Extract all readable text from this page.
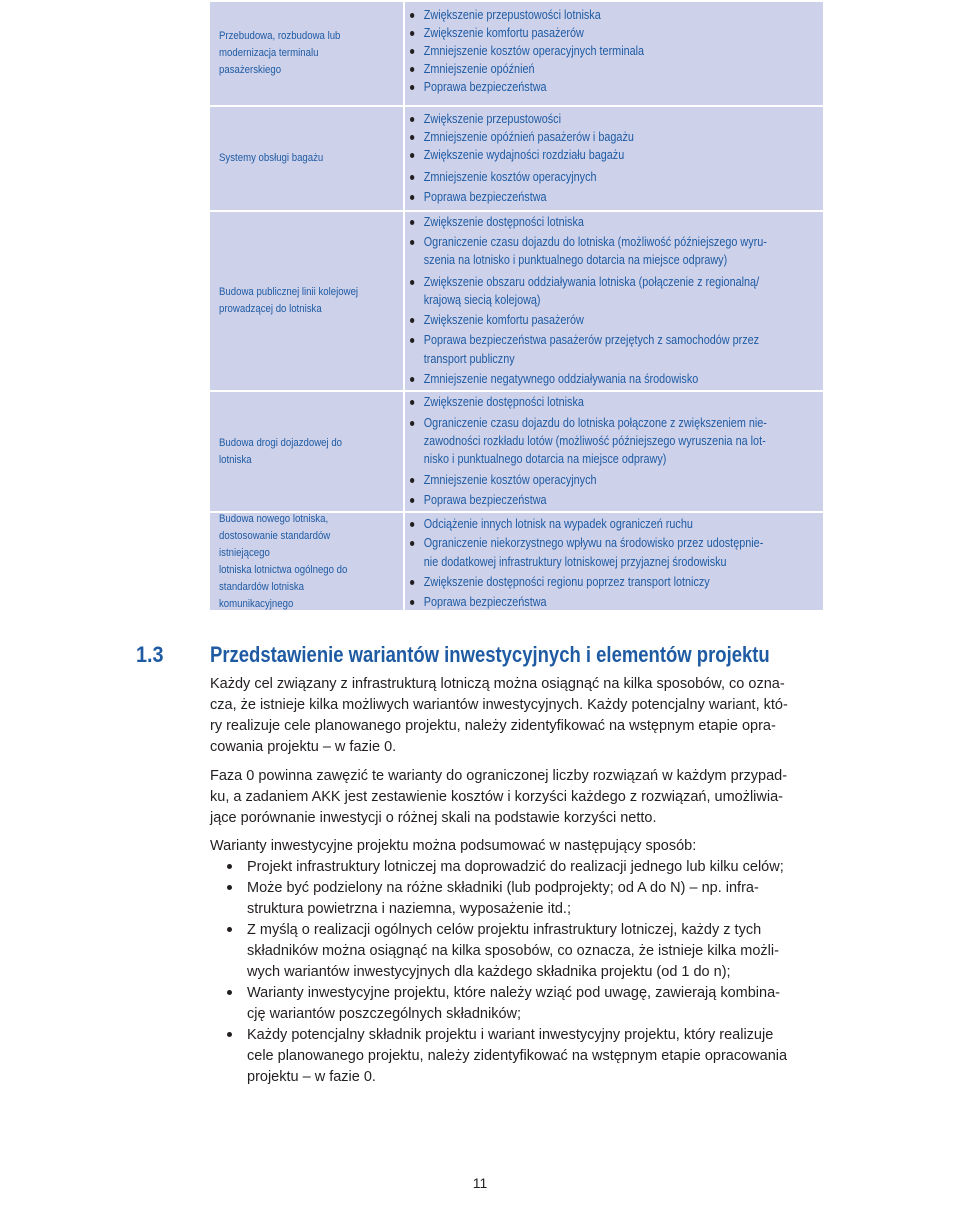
Przebudowa, rozbudowa lub
modernizacja terminalu pasażerskiego
Zwiększenie przepustowości lotniska
Zwiększenie komfortu pasażerów
Zmniejszenie kosztów operacyjnych terminala
Zmniejszenie opóźnień
Poprawa bezpieczeństwa
Systemy obsługi bagażu
Zwiększenie przepustowości
Zmniejszenie opóźnień pasażerów i bagażu
Zwiększenie wydajności rozdziału bagażu
Zmniejszenie kosztów operacyjnych
Poprawa bezpieczeństwa
Budowa publicznej linii kolejowej
prowadzącej do lotniska
Zwiększenie dostępności lotniska
Ograniczenie czasu dojazdu do lotniska (możliwość późniejszego wyru-
szenia na lotnisko i punktualnego dotarcia na miejsce odprawy)
Zwiększenie obszaru oddziaływania lotniska (połączenie z regionalną/
krajową siecią kolejową)
Zwiększenie komfortu pasażerów
Poprawa bezpieczeństwa pasażerów przejętych z samochodów przez
transport publiczny
Zmniejszenie negatywnego oddziaływania na środowisko
Budowa drogi dojazdowej do lotniska
Zwiększenie dostępności lotniska
Ograniczenie czasu dojazdu do lotniska połączone z zwiększeniem nie-
zawodności rozkładu lotów (możliwość późniejszego wyruszenia na lot-
nisko i punktualnego dotarcia na miejsce odprawy)
Zmniejszenie kosztów operacyjnych
Poprawa bezpieczeństwa
Budowa nowego lotniska,
dostosowanie standardów istniejącego
lotniska lotnictwa ogólnego do
standardów lotniska komunikacyjnego
Odciążenie innych lotnisk na wypadek ograniczeń ruchu
Ograniczenie niekorzystnego wpływu na środowisko przez udostępnie-
nie dodatkowej infrastruktury lotniskowej przyjaznej środowisku
Zwiększenie dostępności regionu poprzez transport lotniczy
Poprawa bezpieczeństwa
1.3 Przedstawienie wariantów inwestycyjnych i elementów projektu
Każdy cel związany z infrastrukturą lotniczą można osiągnąć na kilka sposobów, co ozna-
cza, że istnieje kilka możliwych wariantów inwestycyjnych. Każdy potencjalny wariant, któ-
ry realizuje cele planowanego projektu, należy zidentyfikować na wstępnym etapie opra-
cowania projektu – w fazie 0.
Faza 0 powinna zawęzić te warianty do ograniczonej liczby rozwiązań w każdym przypad-
ku, a zadaniem AKK jest zestawienie kosztów i korzyści każdego z rozwiązań, umożliwia-
jące porównanie inwestycji o różnej skali na podstawie korzyści netto.
Warianty inwestycyjne projektu można podsumować w następujący sposób:
Projekt infrastruktury lotniczej ma doprowadzić do realizacji jednego lub kilku celów;
Może być podzielony na różne składniki (lub podprojekty; od A do N) – np. infra-
struktura powietrzna i naziemna, wyposażenie itd.;
Z myślą o realizacji ogólnych celów projektu infrastruktury lotniczej, każdy z tych
składników można osiągnąć na kilka sposobów, co oznacza, że istnieje kilka możli-
wych wariantów inwestycyjnych dla każdego składnika projektu (od 1 do n);
Warianty inwestycyjne projektu, które należy wziąć pod uwagę, zawierają kombina-
cję wariantów poszczególnych składników;
Każdy potencjalny składnik projektu i wariant inwestycyjny projektu, który realizuje
cele planowanego projektu, należy zidentyfikować na wstępnym etapie opracowania
projektu – w fazie 0.
11
